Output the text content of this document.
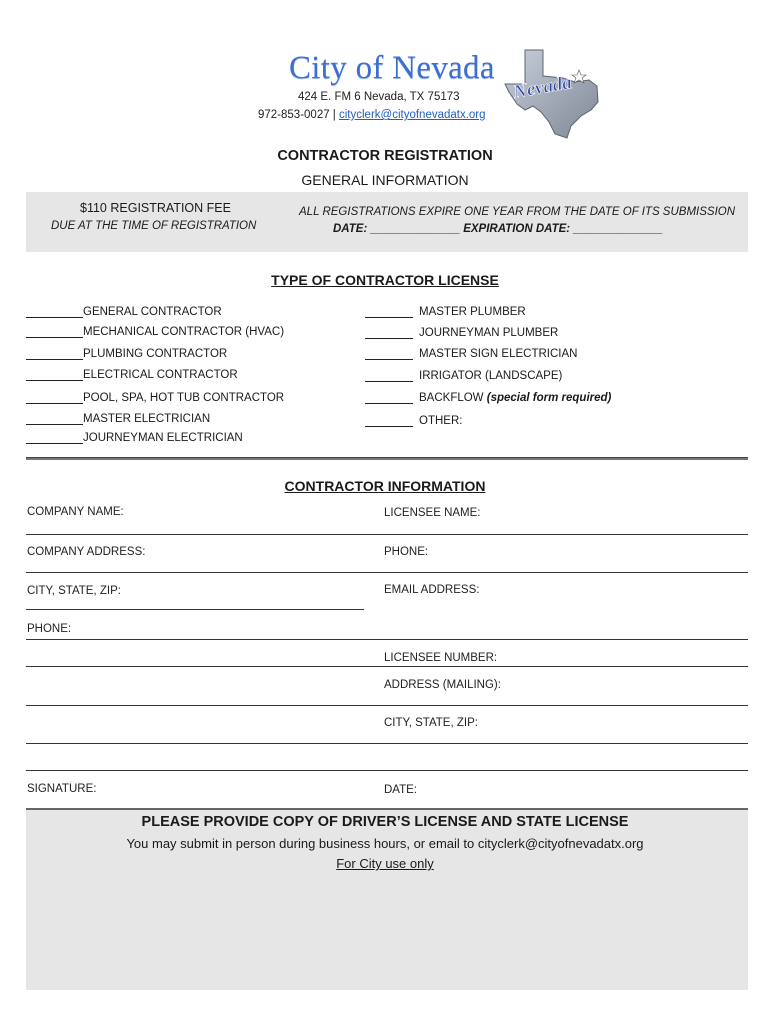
City of Nevada
424 E. FM 6 Nevada, TX 75173
972-853-0027 | cityclerk@cityofnevadatx.org
Nevada
CONTRACTOR REGISTRATION
GENERAL INFORMATION
$110 REGISTRATION FEE
DUE AT THE TIME OF REGISTRATION
ALL REGISTRATIONS EXPIRE ONE YEAR FROM THE DATE OF ITS SUBMISSION
DATE: ______________ EXPIRATION DATE: ______________
TYPE OF CONTRACTOR LICENSE
GENERAL CONTRACTOR
MECHANICAL CONTRACTOR (HVAC)
PLUMBING CONTRACTOR
ELECTRICAL CONTRACTOR
POOL, SPA, HOT TUB CONTRACTOR
MASTER ELECTRICIAN
JOURNEYMAN ELECTRICIAN
MASTER PLUMBER
JOURNEYMAN PLUMBER
MASTER SIGN ELECTRICIAN
IRRIGATOR (LANDSCAPE)
BACKFLOW
(special form required)
OTHER:
CONTRACTOR INFORMATION
COMPANY NAME:	LICENSEE NAME:
COMPANY ADDRESS:	PHONE:
CITY, STATE, ZIP:	EMAIL ADDRESS:
PHONE:
LICENSEE NUMBER:
ADDRESS (MAILING):
CITY, STATE, ZIP:
SIGNATURE:	DATE:
PLEASE PROVIDE COPY OF DRIVER’S LICENSE AND STATE LICENSE
You may submit in person during business hours, or email to cityclerk@cityofnevadatx.org
For City use only
